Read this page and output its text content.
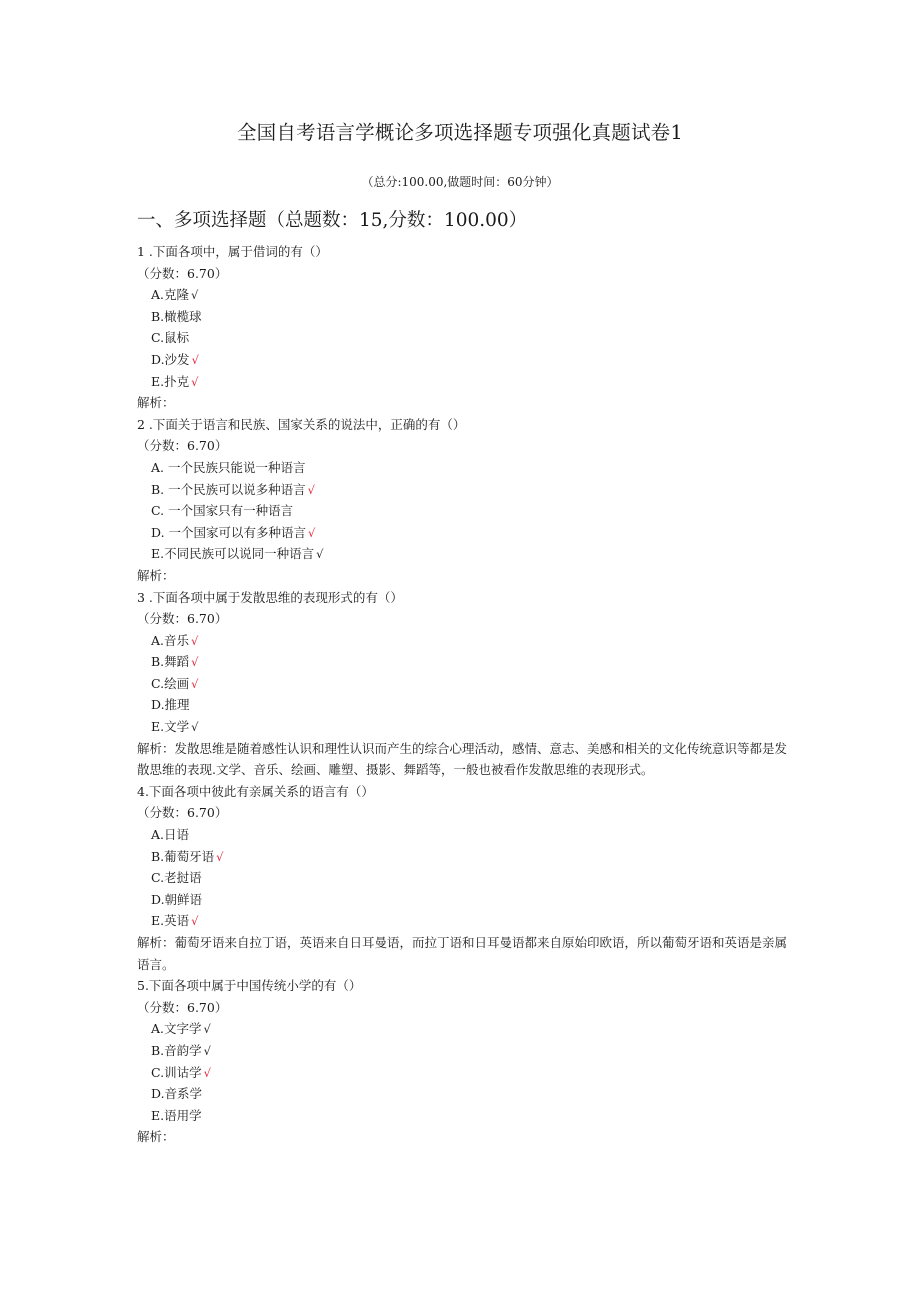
全国自考语言学概论多项选择题专项强化真题试卷1
（总分:100.00,做题时间：60分钟）
一、多项选择题（总题数：15,分数：100.00）
1 .下面各项中，属于借词的有（）
（分数：6.70）
A.克隆 √
B.橄榄球
C.鼠标
D.沙发 √
E.扑克 √
解析：
2 .下面关于语言和民族、国家关系的说法中，正确的有（）
（分数：6.70）
A. 一个民族只能说一种语言
B. 一个民族可以说多种语言 √
C. 一个国家只有一种语言
D. 一个国家可以有多种语言 √
E.不同民族可以说同一种语言 √
解析：
3 .下面各项中属于发散思维的表现形式的有（）
（分数：6.70）
A.音乐 √
B.舞蹈 √
C.绘画 √
D.推理
E.文学 √
解析：发散思维是随着感性认识和理性认识而产生的综合心理活动，感情、意志、美感和相关的文化传统意识等都是发散思维的表现.文学、音乐、绘画、雕塑、摄影、舞蹈等，一般也被看作发散思维的表现形式。
4.下面各项中彼此有亲属关系的语言有（）
（分数：6.70）
A.日语
B.葡萄牙语 √
C.老挝语
D.朝鲜语
E.英语 √
解析：葡萄牙语来自拉丁语，英语来自日耳曼语，而拉丁语和日耳曼语都来自原始印欧语，所以葡萄牙语和英语是亲属语言。
5.下面各项中属于中国传统小学的有（）
（分数：6.70）
A.文字学 √
B.音韵学 √
C.训诂学 √
D.音系学
E.语用学
解析：
